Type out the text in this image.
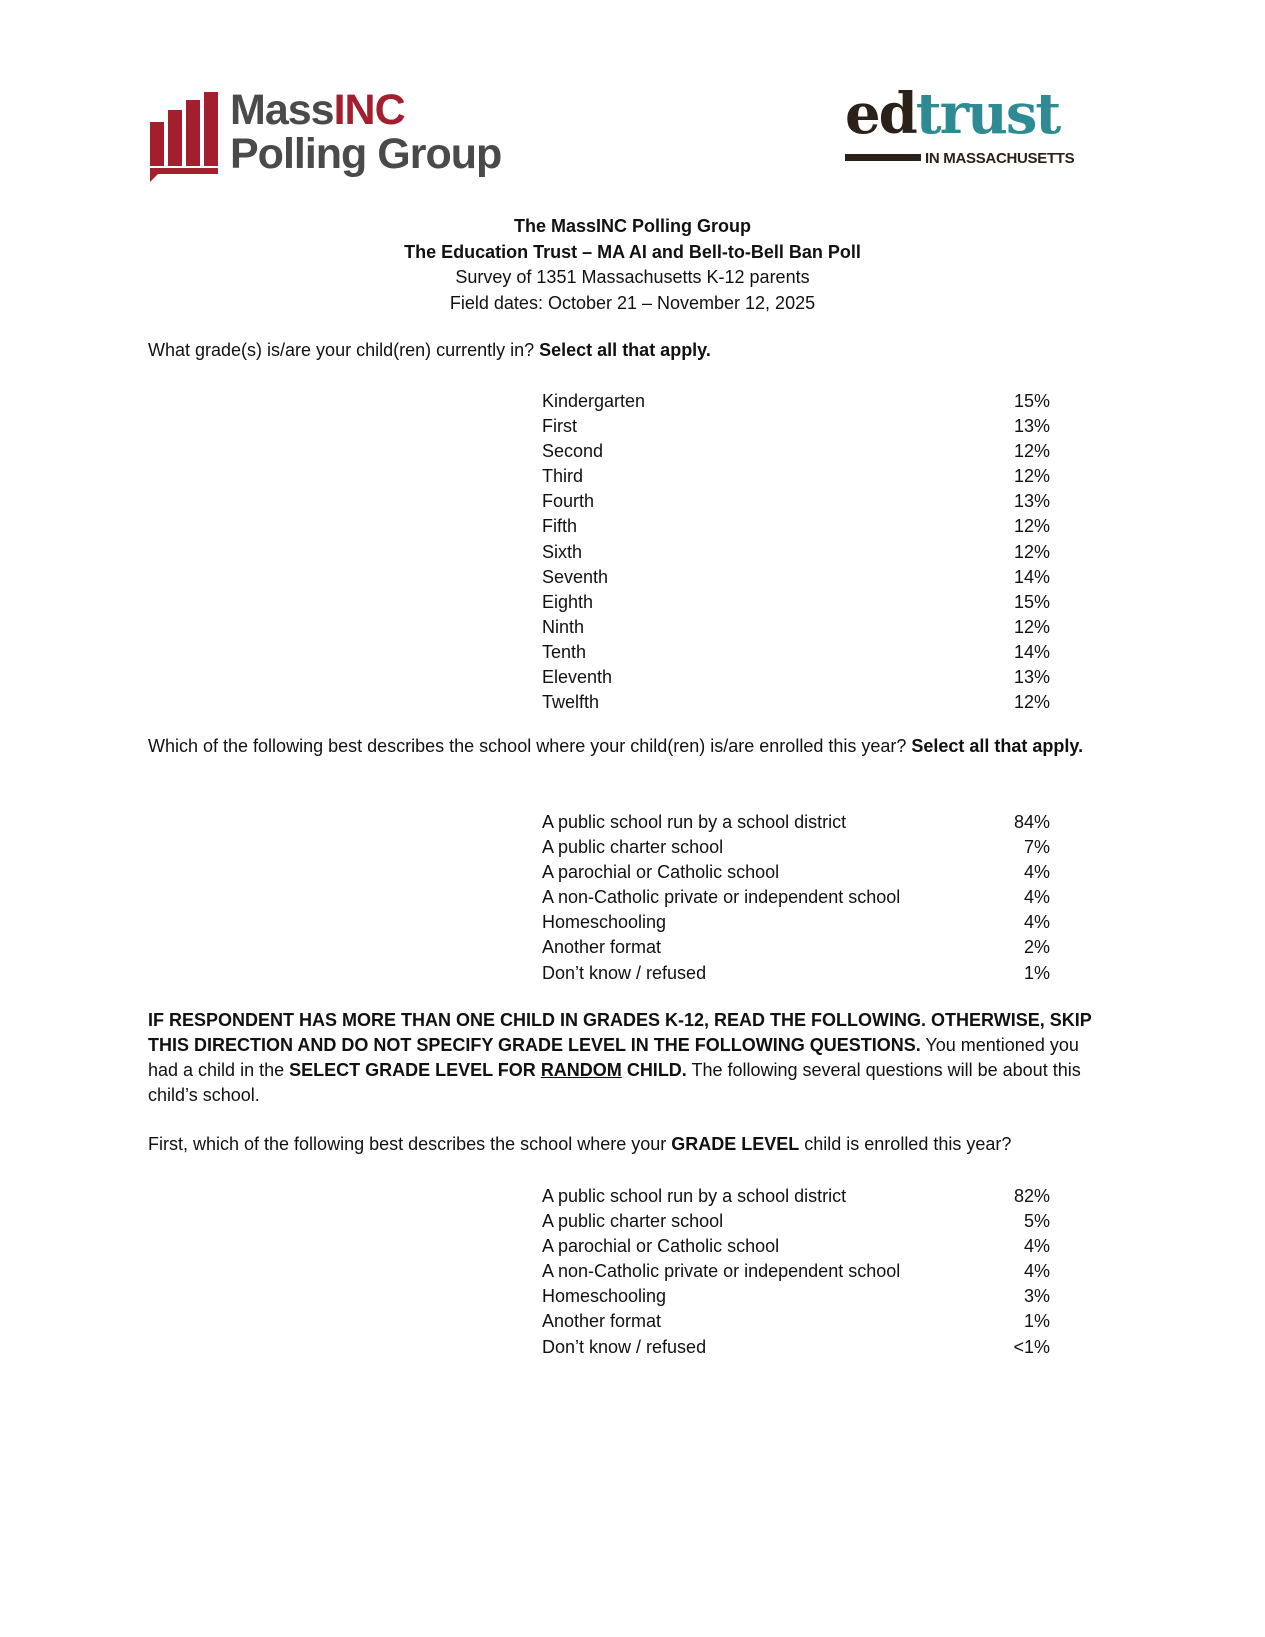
MassINC
Polling Group
edtrust
IN MASSACHUSETTS
The MassINC Polling Group
The Education Trust – MA AI and Bell-to-Bell Ban Poll
Survey of 1351 Massachusetts K-12 parents
Field dates: October 21 – November 12, 2025
What grade(s) is/are your child(ren) currently in? Select all that apply.
Kindergarten	15%
First	13%
Second	12%
Third	12%
Fourth	13%
Fifth	12%
Sixth	12%
Seventh	14%
Eighth	15%
Ninth	12%
Tenth	14%
Eleventh	13%
Twelfth	12%
Which of the following best describes the school where your child(ren) is/are enrolled this year? Select all that apply.
A public school run by a school district	84%
A public charter school	7%
A parochial or Catholic school	4%
A non-Catholic private or independent school	4%
Homeschooling	4%
Another format	2%
Don’t know / refused	1%
IF RESPONDENT HAS MORE THAN ONE CHILD IN GRADES K-12, READ THE FOLLOWING. OTHERWISE, SKIP THIS DIRECTION AND DO NOT SPECIFY GRADE LEVEL IN THE FOLLOWING QUESTIONS. You mentioned you had a child in the SELECT GRADE LEVEL FOR RANDOM CHILD. The following several questions will be about this child’s school.
First, which of the following best describes the school where your GRADE LEVEL child is enrolled this year?
A public school run by a school district	82%
A public charter school	5%
A parochial or Catholic school	4%
A non-Catholic private or independent school	4%
Homeschooling	3%
Another format	1%
Don’t know / refused	<1%
